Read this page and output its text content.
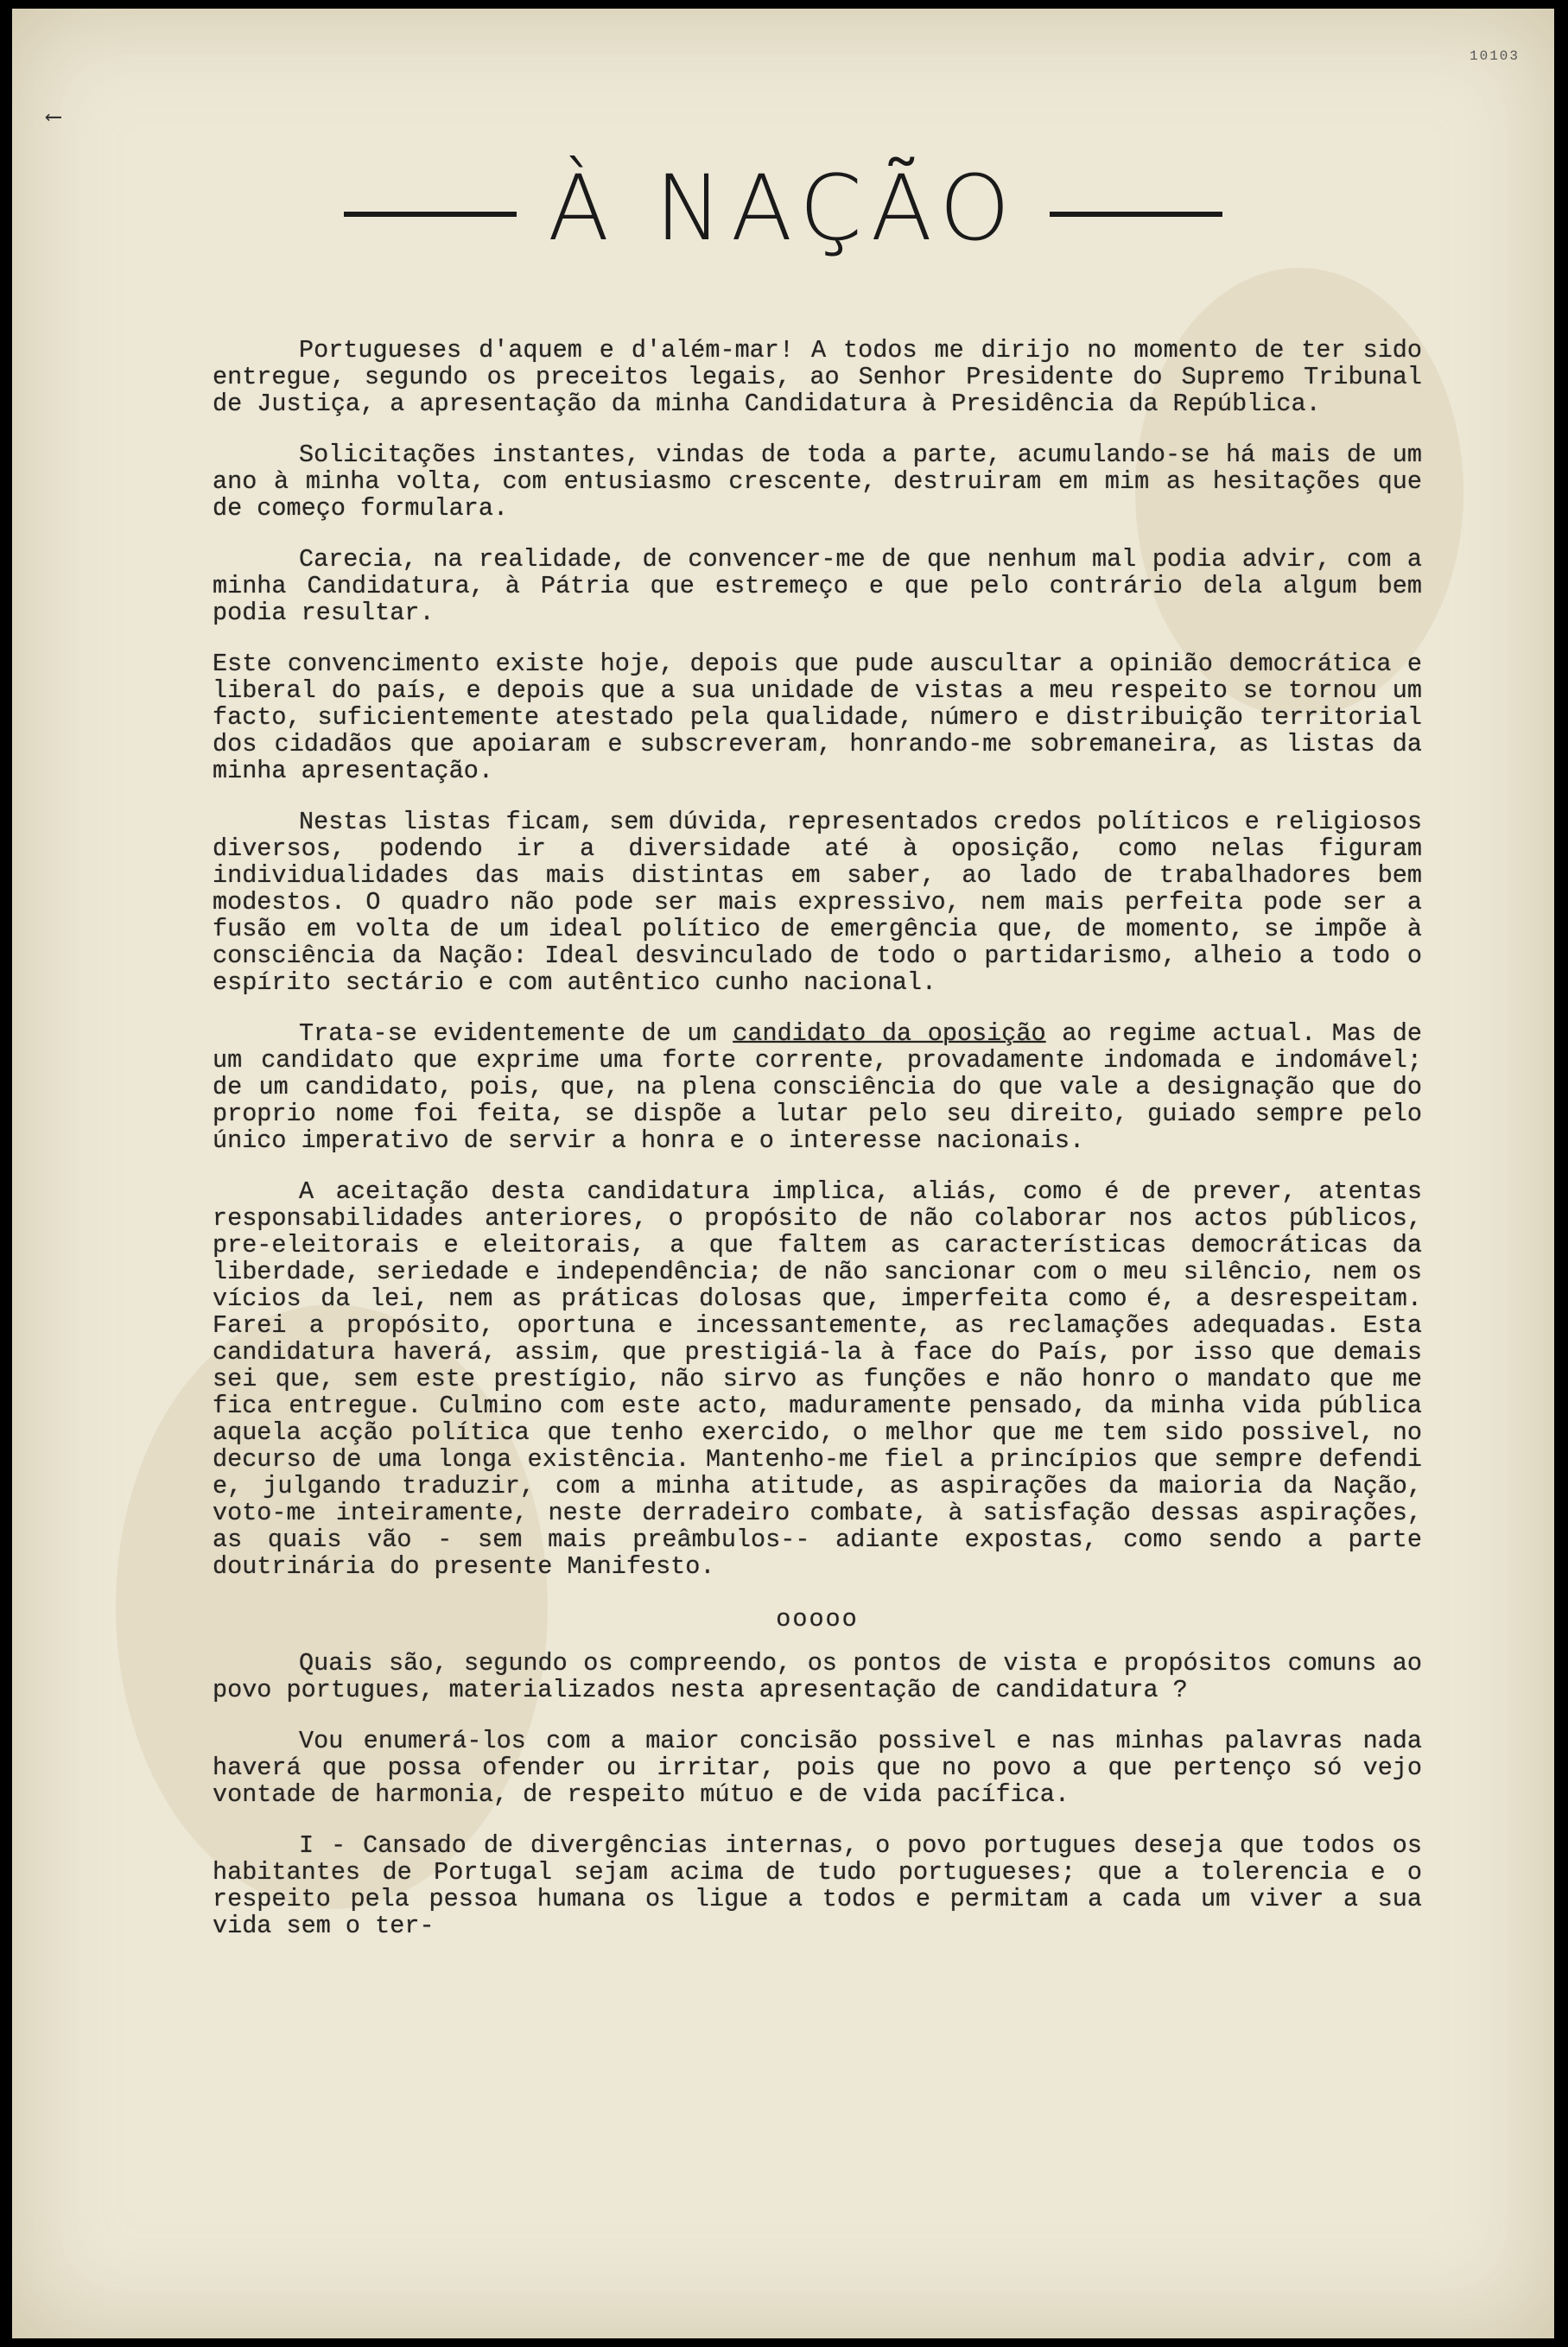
10103
⟵
À NAÇÃO

Portugueses d'aquem e d'além-mar! A todos me dirijo no momento de ter sido entregue, segundo os preceitos legais, ao Senhor Presidente do Supremo Tribunal de Justiça, a apresentação da minha Candidatura à Presidência da República.

Solicitações instantes, vindas de toda a parte, acumulando-se há mais de um ano à minha volta, com entusiasmo crescente, destruiram em mim as hesitações que de começo formulara.

Carecia, na realidade, de convencer-me de que nenhum mal podia advir, com a minha Candidatura, à Pátria que estremeço e que pelo contrário dela algum bem podia resultar.

Este convencimento existe hoje, depois que pude auscultar a opinião democrática e liberal do país, e depois que a sua unidade de vistas a meu respeito se tornou um facto, suficientemente atestado pela qualidade, número e distribuição territorial dos cidadãos que apoiaram e subscreveram, honrando-me sobremaneira, as listas da minha apresentação.

Nestas listas ficam, sem dúvida, representados credos políticos e religiosos diversos, podendo ir a diversidade até à oposição, como nelas figuram individualidades das mais distintas em saber, ao lado de trabalhadores bem modestos. O quadro não pode ser mais expressivo, nem mais perfeita pode ser a fusão em volta de um ideal político de emergência que, de momento, se impõe à consciência da Nação: Ideal desvinculado de todo o partidarismo, alheio a todo o espírito sectário e com autêntico cunho nacional.

Trata-se evidentemente de um candidato da oposição ao regime actual. Mas de um candidato que exprime uma forte corrente, provadamente indomada e indomável; de um candidato, pois, que, na plena consciência do que vale a designação que do proprio nome foi feita, se dispõe a lutar pelo seu direito, guiado sempre pelo único imperativo de servir a honra e o interesse nacionais.

A aceitação desta candidatura implica, aliás, como é de prever, atentas responsabilidades anteriores, o propósito de não colaborar nos actos públicos, pre-eleitorais e eleitorais, a que faltem as características democráticas da liberdade, seriedade e independência; de não sancionar com o meu silêncio, nem os vícios da lei, nem as práticas dolosas que, imperfeita como é, a desrespeitam. Farei a propósito, oportuna e incessantemente, as reclamações adequadas. Esta candidatura haverá, assim, que prestigiá-la à face do País, por isso que demais sei que, sem este prestígio, não sirvo as funções e não honro o mandato que me fica entregue. Culmino com este acto, maduramente pensado, da minha vida pública aquela acção política que tenho exercido, o melhor que me tem sido possivel, no decurso de uma longa existência. Mantenho-me fiel a princípios que sempre defendi e, julgando traduzir, com a minha atitude, as aspirações da maioria da Nação, voto-me inteiramente, neste derradeiro combate, à satisfação dessas aspirações, as quais vão - sem mais preâmbulos-- adiante expostas, como sendo a parte doutrinária do presente Manifesto.

ooooo

Quais são, segundo os compreendo, os pontos de vista e propósitos comuns ao povo portugues, materializados nesta apresentação de candidatura ?

Vou enumerá-los com a maior concisão possivel e nas minhas palavras nada haverá que possa ofender ou irritar, pois que no povo a que pertenço só vejo vontade de harmonia, de respeito mútuo e de vida pacífica.

I - Cansado de divergências internas, o povo portugues deseja que todos os habitantes de Portugal sejam acima de tudo portugueses; que a tolerencia e o respeito pela pessoa humana os ligue a todos e permitam a cada um viver a sua vida sem o ter-
